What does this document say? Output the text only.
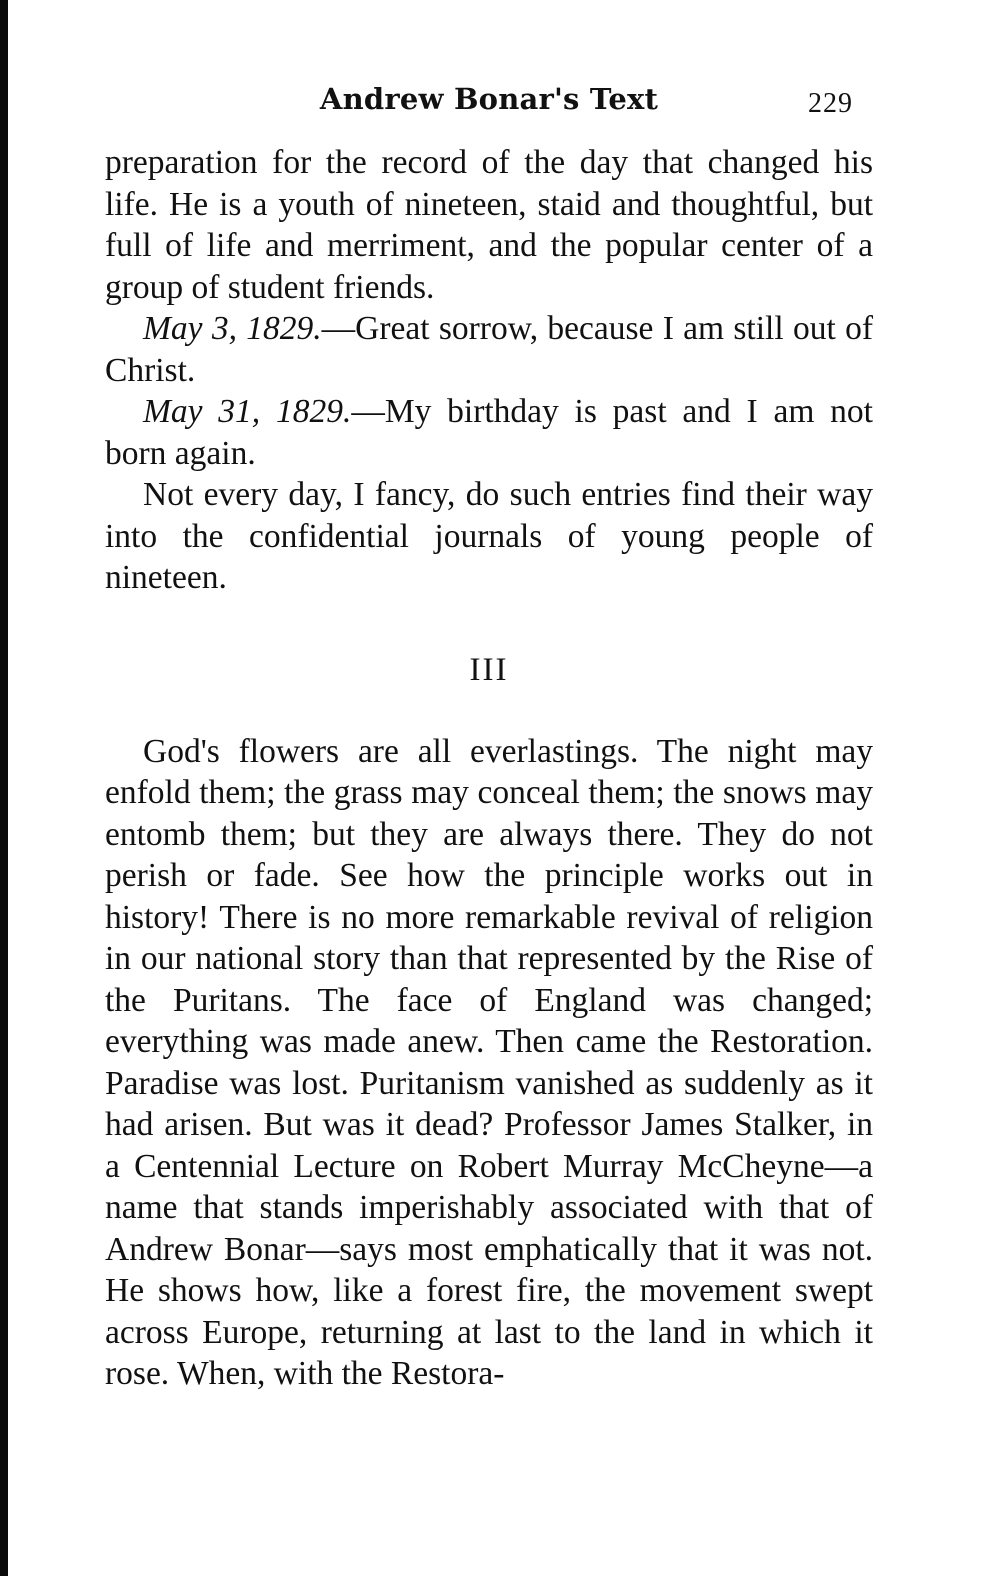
Andrew Bonar's Text	229

preparation for the record of the day that changed his life. He is a youth of nineteen, staid and thoughtful, but full of life and merriment, and the popular center of a group of student friends.

May 3, 1829.—Great sorrow, because I am still out of Christ.

May 31, 1829.—My birthday is past and I am not born again.

Not every day, I fancy, do such entries find their way into the confidential journals of young people of nineteen.

III

God's flowers are all everlastings. The night may enfold them; the grass may conceal them; the snows may entomb them; but they are always there. They do not perish or fade. See how the principle works out in history! There is no more remarkable revival of religion in our national story than that represented by the Rise of the Puritans. The face of England was changed; everything was made anew. Then came the Restoration. Paradise was lost. Puritanism vanished as suddenly as it had arisen. But was it dead? Professor James Stalker, in a Centennial Lecture on Robert Murray McCheyne—a name that stands imperishably associated with that of Andrew Bonar—says most emphatically that it was not. He shows how, like a forest fire, the movement swept across Europe, returning at last to the land in which it rose. When, with the Restora-
